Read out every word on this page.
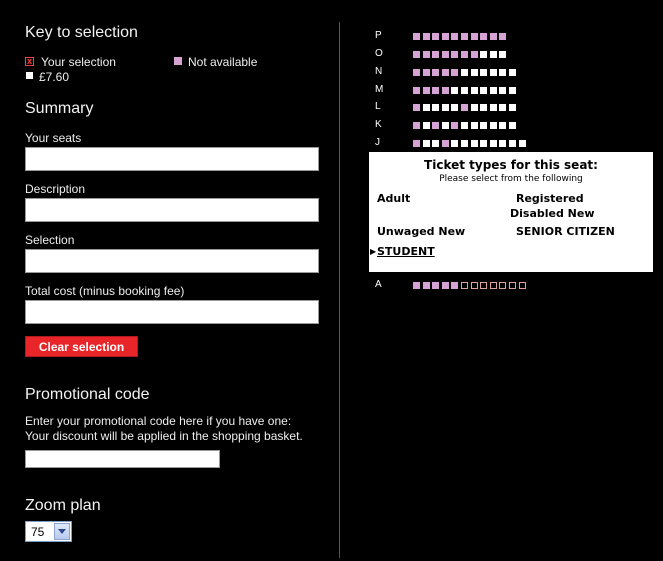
Key to selection
x Your selection	Not available
£7.60
Summary
Your seats
Description
Selection
Total cost (minus booking fee)
Clear selection
Promotional code
Enter your promotional code here if you have one:
Your discount will be applied in the shopping basket.
Zoom plan
75
P
O
N
M
L
K
J
A
Ticket types for this seat:
Please select from the following
Adult	Registered
Disabled New
Unwaged New	SENIOR CITIZEN
▶ STUDENT
